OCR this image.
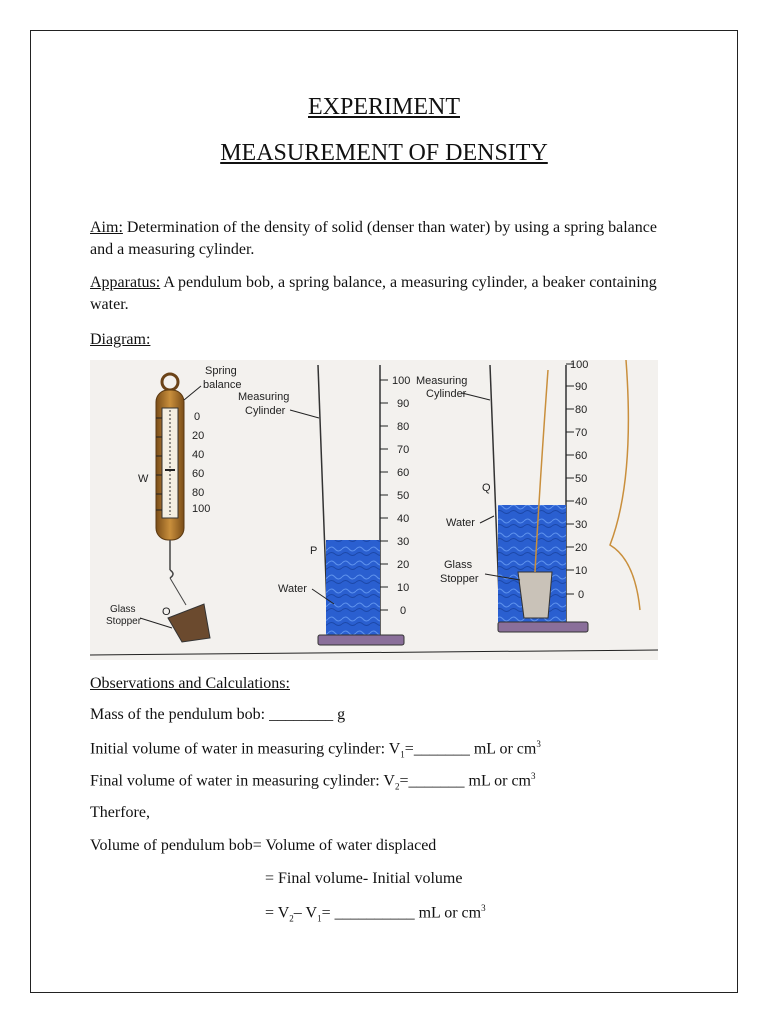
EXPERIMENT
MEASUREMENT OF DENSITY
Aim: Determination of the density of solid (denser than water) by using a spring balance and a measuring cylinder.
Apparatus: A pendulum bob, a spring balance, a measuring cylinder, a beaker containing water.
Diagram:
Spring
balance
0
20
40
60
80
100
W
O
Glass
Stopper
Measuring
Cylinder
P
Water
100
90
80
70
60
50
40
30
20
10
0
Measuring
Cylinder
Q
Water
Glass
Stopper
100
90
80
70
60
50
40
30
20
10
0
Observations and Calculations:
Mass of the pendulum bob: ________ g
Initial volume of water in measuring cylinder: $V_1=\_\_\_\_\_\_\_$ mL or $cm^3$
Final volume of water in measuring cylinder: $V_2=\_\_\_\_\_\_\_$ mL or $cm^3$
Therfore,
Volume of pendulum bob= Volume of water displaced
= Final volume- Initial volume
= $V_2-$ $V_1=$ __________ mL or $cm^3$
